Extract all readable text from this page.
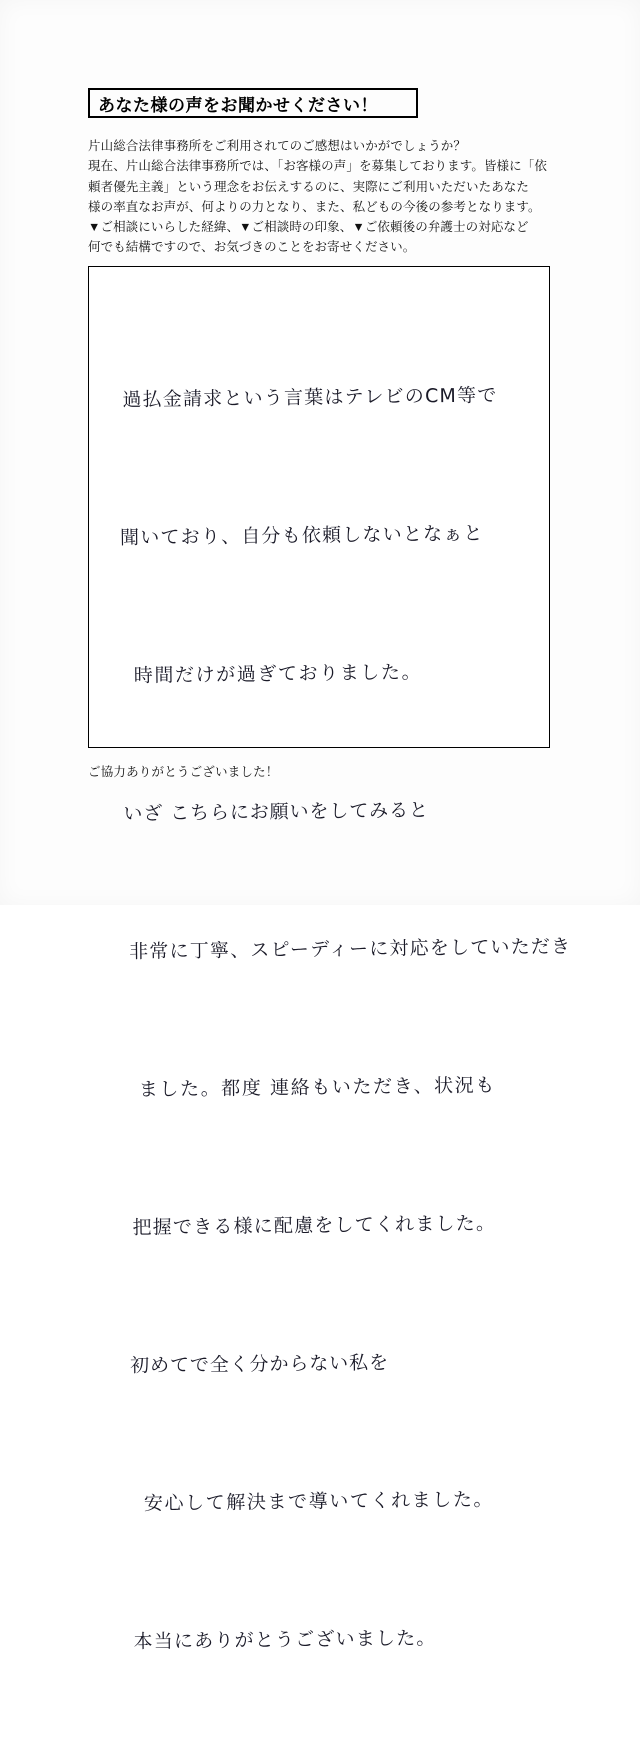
あなた様の声をお聞かせください！

片山総合法律事務所をご利用されてのご感想はいかがでしょうか？

現在、片山総合法律事務所では、「お客様の声」を募集しております。皆様に「依

頼者優先主義」という理念をお伝えするのに、実際にご利用いただいたあなた

様の率直なお声が、何よりの力となり、また、私どもの今後の参考となります。

▼ご相談にいらした経緯、▼ご相談時の印象、▼ご依頼後の弁護士の対応など

何でも結構ですので、お気づきのことをお寄せください。

過払金請求という言葉はテレビのCM等で

聞いており、自分も依頼しないとなぁと

時間だけが過ぎておりました。

いざ こちらにお願いをしてみると

非常に丁寧、スピーディーに対応をしていただき

ました。都度 連絡もいただき、状況も

把握できる様に配慮をしてくれました。

初めてで全く分からない私を

安心して解決まで導いてくれました。

本当にありがとうございました。

ご協力ありがとうございました！
